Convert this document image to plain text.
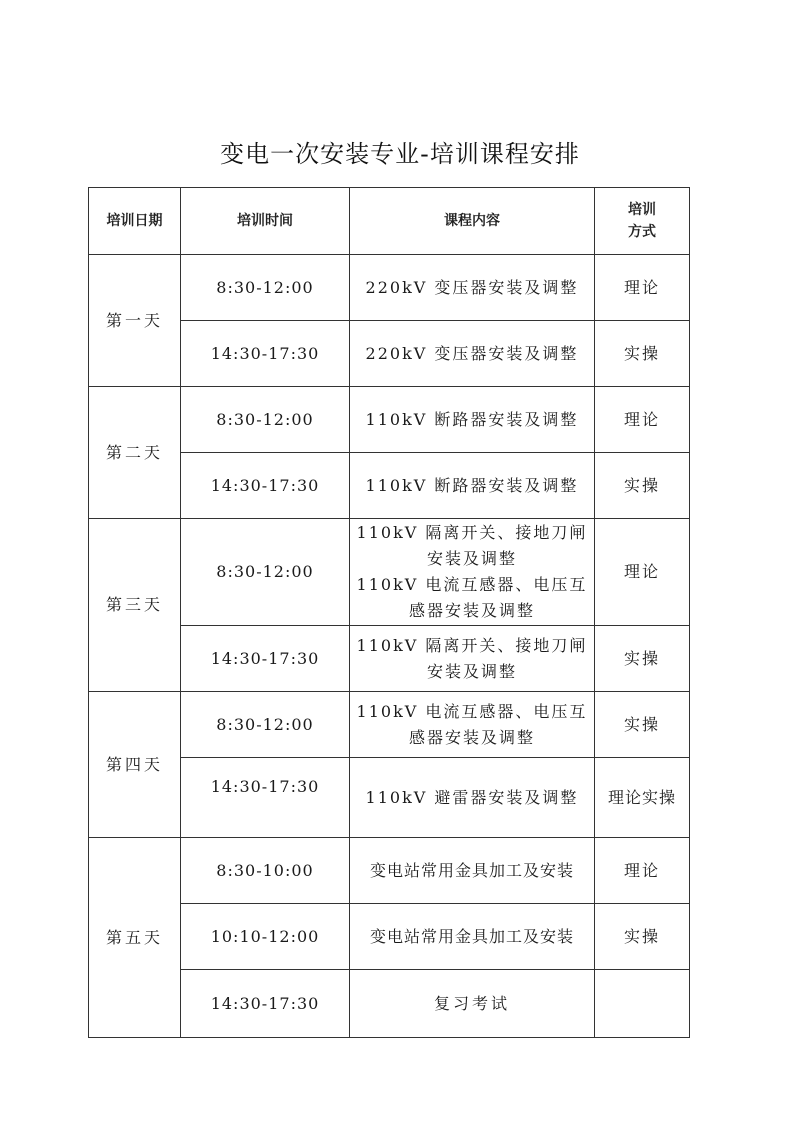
变电一次安装专业-培训课程安排
培训日期	培训时间	课程内容	培训
方式

第一天	8:30-12:00	220kV 变压器安装及调整	理论
	14:30-17:30	220kV 变压器安装及调整	实操
第二天	8:30-12:00	110kV 断路器安装及调整	理论
	14:30-17:30	110kV 断路器安装及调整	实操
第三天	8:30-12:00	110kV 隔离开关、接地刀闸
安装及调整
110kV 电流互感器、电压互
感器安装及调整	理论
	14:30-17:30	110kV 隔离开关、接地刀闸
安装及调整	实操
第四天	8:30-12:00	110kV 电流互感器、电压互
感器安装及调整	实操
	14:30-17:30	110kV 避雷器安装及调整	理论实操
第五天	8:30-10:00	变电站常用金具加工及安装	理论
	10:10-12:00	变电站常用金具加工及安装	实操
	14:30-17:30	复习考试	
